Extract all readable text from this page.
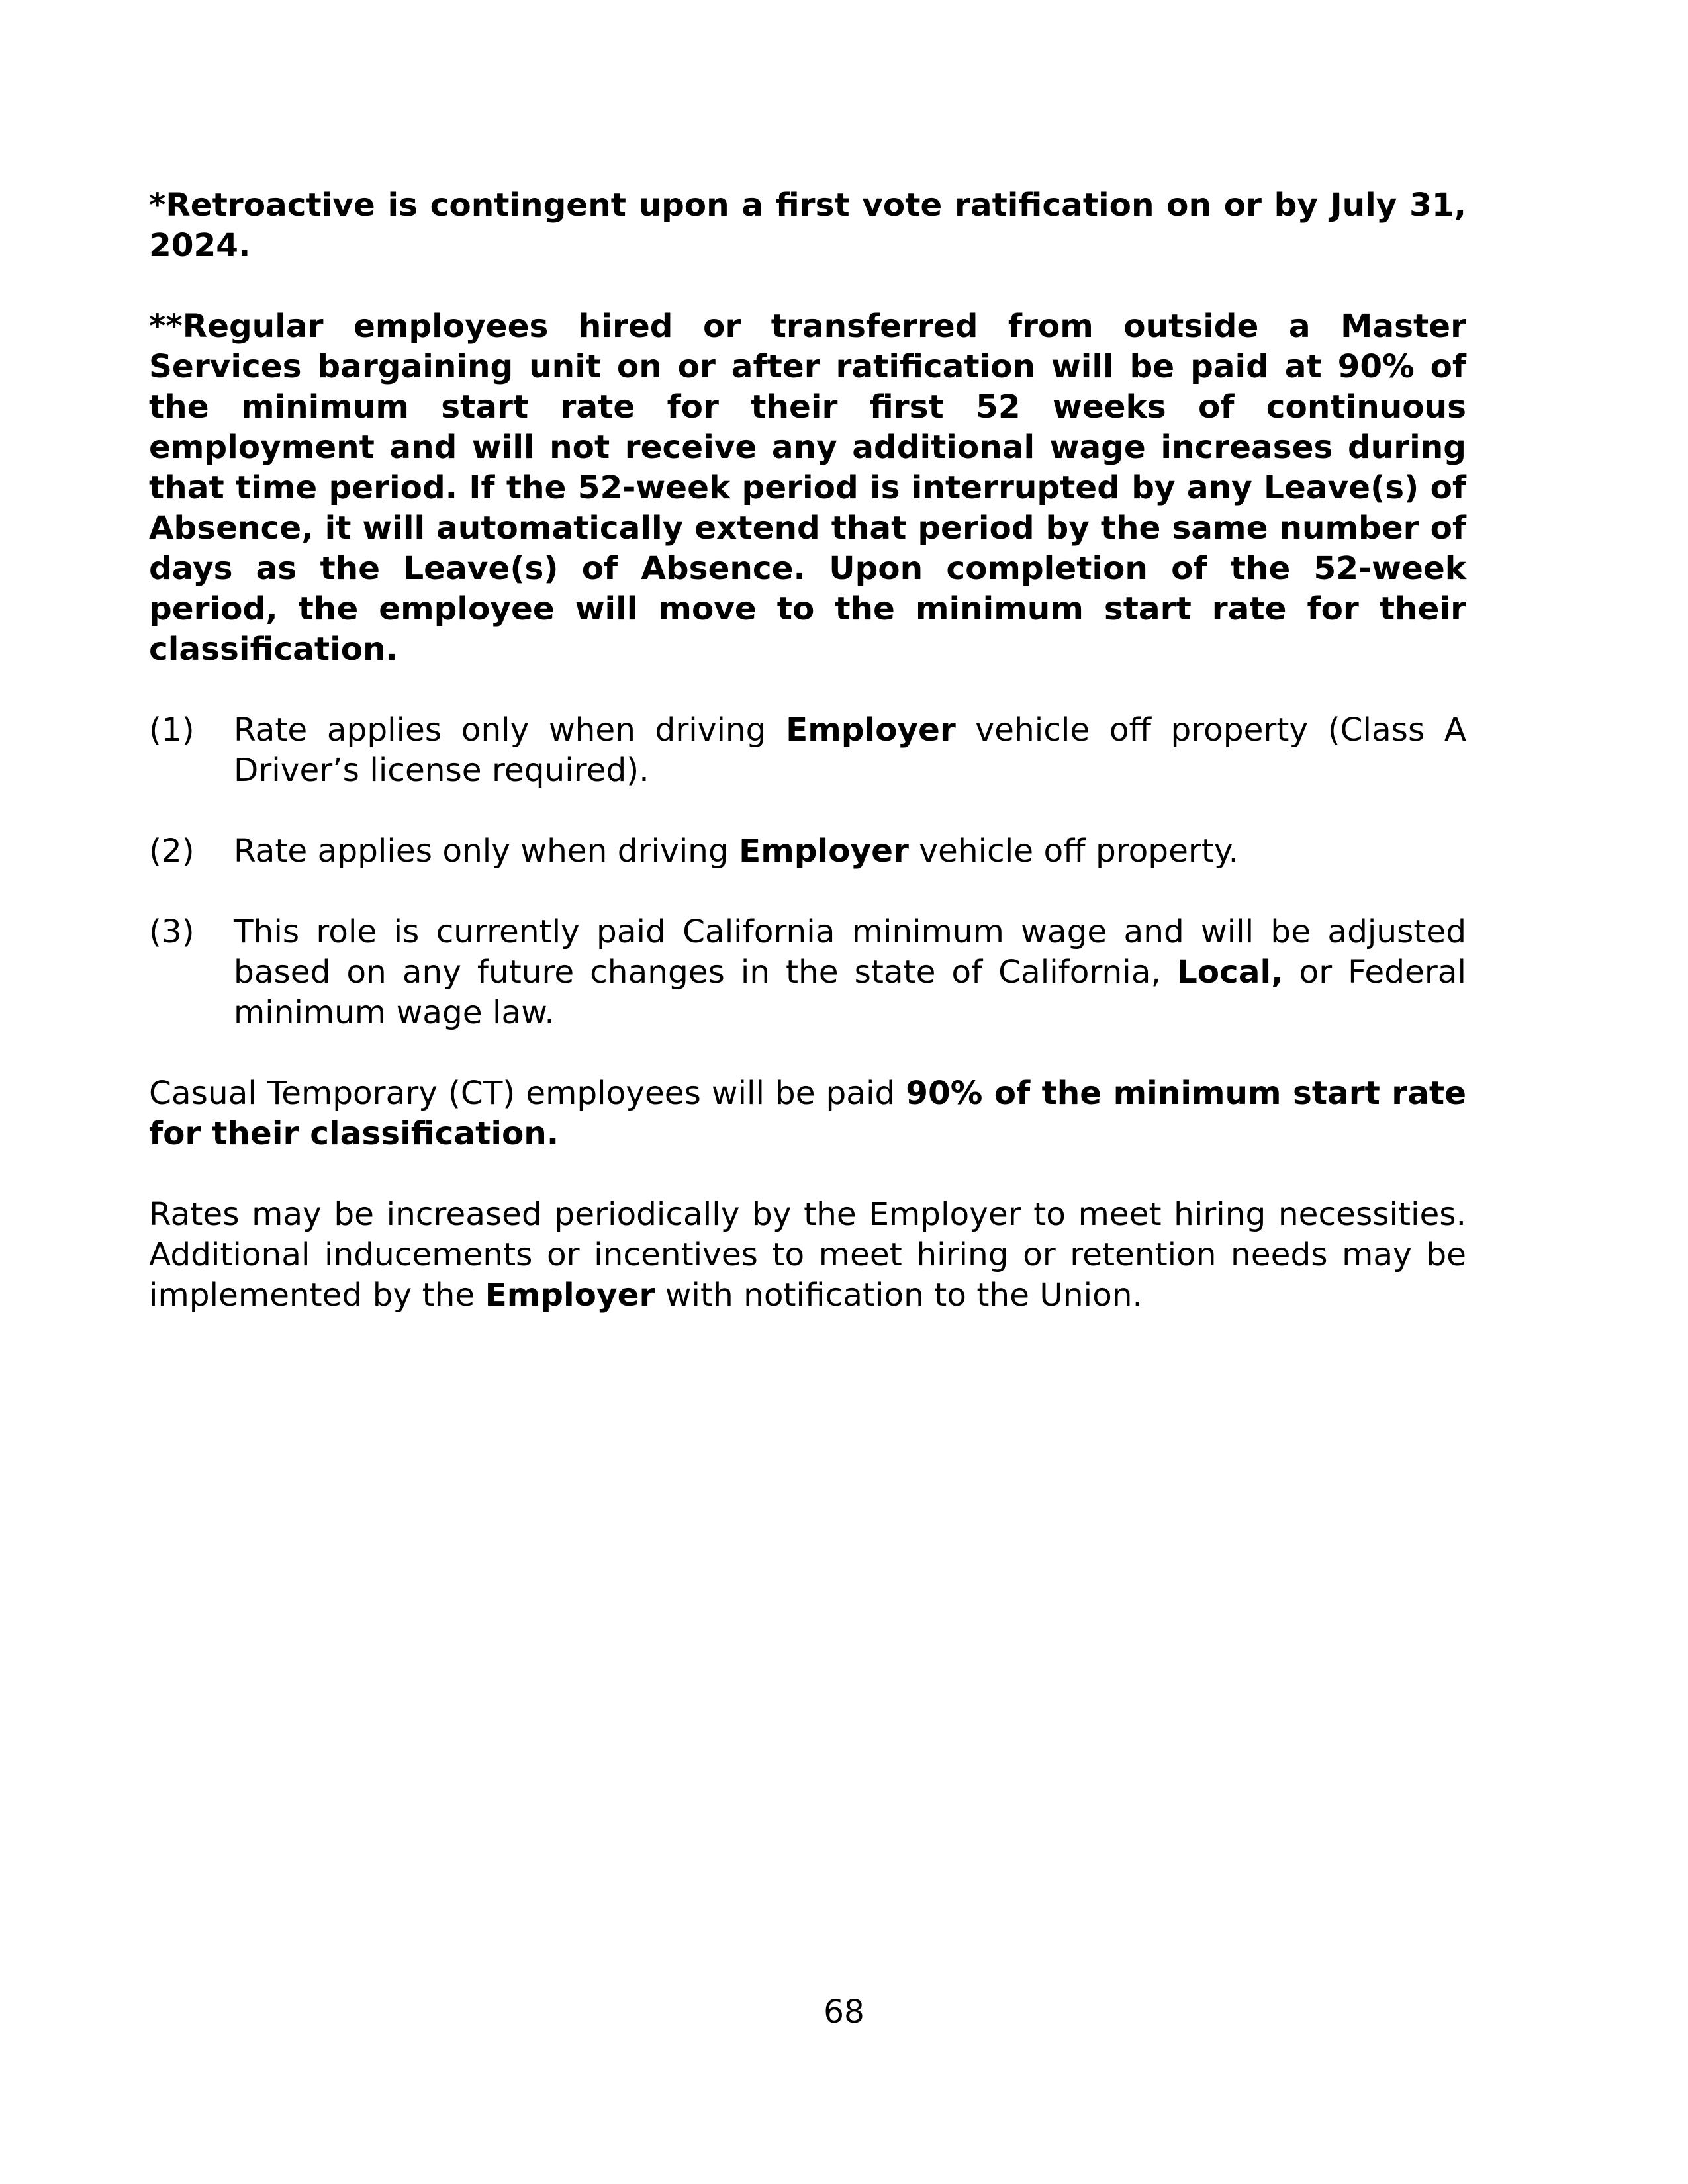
*Retroactive is contingent upon a first vote ratification on or by July 31, 2024.

**Regular employees hired or transferred from outside a Master Services bargaining unit on or after ratification will be paid at 90% of the minimum start rate for their first 52 weeks of continuous employment and will not receive any additional wage increases during that time period. If the 52-week period is interrupted by any Leave(s) of Absence, it will automatically extend that period by the same number of days as the Leave(s) of Absence. Upon completion of the 52-week period, the employee will move to the minimum start rate for their classification.

(1) Rate applies only when driving Employer vehicle off property (Class A Driver’s license required).

(2) Rate applies only when driving Employer vehicle off property.

(3) This role is currently paid California minimum wage and will be adjusted based on any future changes in the state of California, Local, or Federal minimum wage law.

Casual Temporary (CT) employees will be paid 90% of the minimum start rate for their classification.

Rates may be increased periodically by the Employer to meet hiring necessities. Additional inducements or incentives to meet hiring or retention needs may be implemented by the Employer with notification to the Union.

68
